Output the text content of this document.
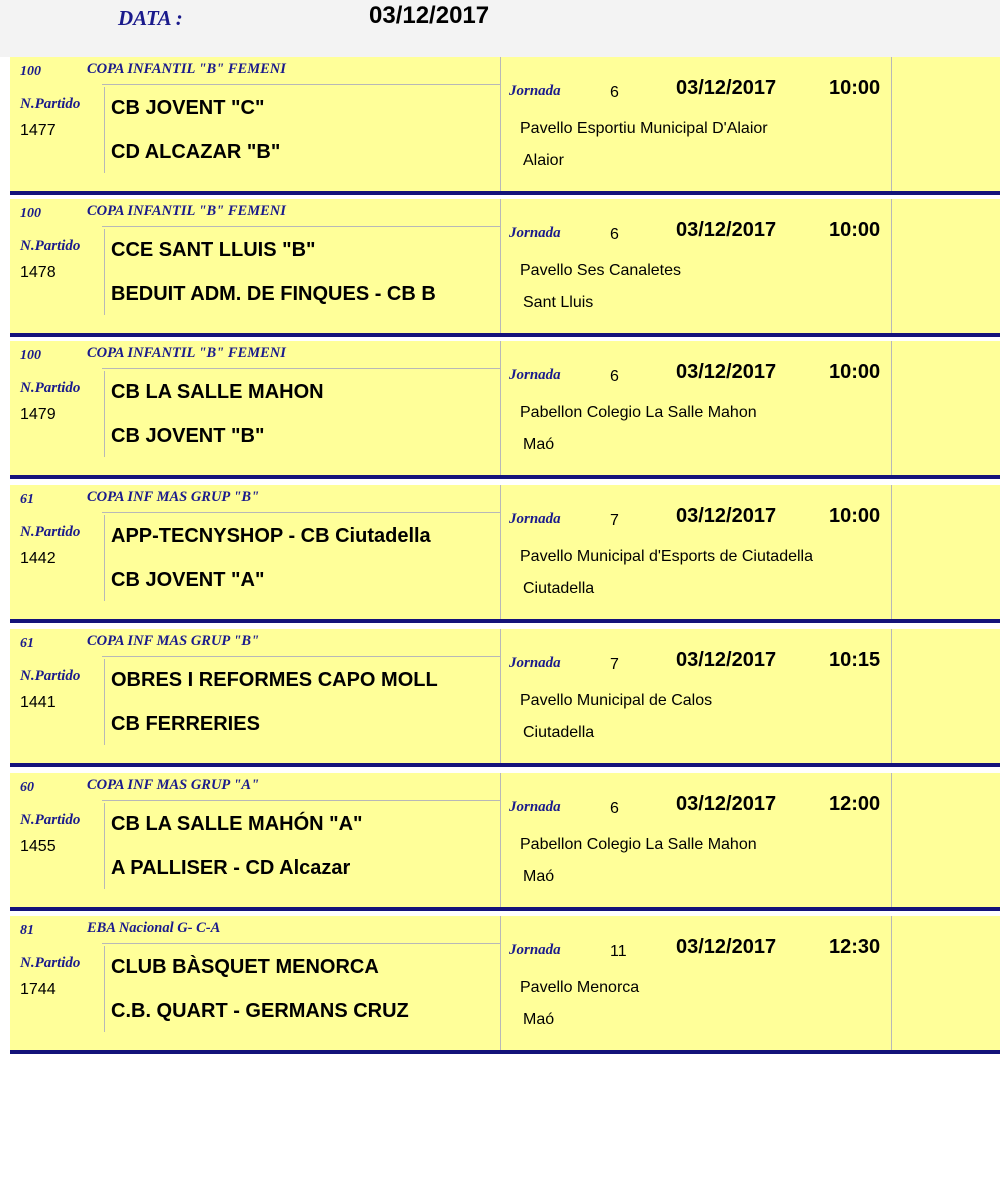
DATA :	03/12/2017
100	COPA INFANTIL "B" FEMENI
N.Partido
1477
CB JOVENT "C"
CD ALCAZAR "B"
Jornada	6	03/12/2017	10:00
Pavello Esportiu Municipal D'Alaior
Alaior
100	COPA INFANTIL "B" FEMENI
N.Partido
1478
CCE SANT LLUIS "B"
BEDUIT ADM. DE FINQUES - CB B
Jornada	6	03/12/2017	10:00
Pavello Ses Canaletes
Sant Lluis
100	COPA INFANTIL "B" FEMENI
N.Partido
1479
CB LA SALLE MAHON
CB JOVENT "B"
Jornada	6	03/12/2017	10:00
Pabellon Colegio La Salle Mahon
Maó
61	COPA INF MAS GRUP "B"
N.Partido
1442
APP-TECNYSHOP - CB Ciutadella
CB JOVENT "A"
Jornada	7	03/12/2017	10:00
Pavello Municipal d'Esports de Ciutadella
Ciutadella
61	COPA INF MAS GRUP "B"
N.Partido
1441
OBRES I REFORMES CAPO MOLL
CB FERRERIES
Jornada	7	03/12/2017	10:15
Pavello Municipal de Calos
Ciutadella
60	COPA INF MAS GRUP "A"
N.Partido
1455
CB LA SALLE MAHÓN "A"
A PALLISER - CD Alcazar
Jornada	6	03/12/2017	12:00
Pabellon Colegio La Salle Mahon
Maó
81	EBA Nacional G- C-A
N.Partido
1744
CLUB BÀSQUET MENORCA
C.B. QUART - GERMANS CRUZ
Jornada	11 03/12/2017	12:30
Pavello Menorca
Maó
